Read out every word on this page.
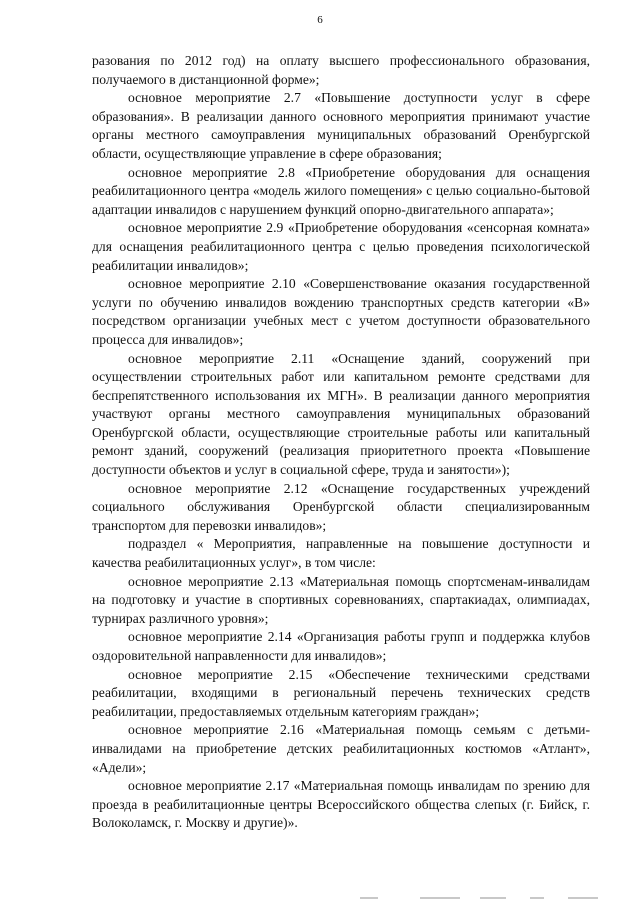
6

разования по 2012 год) на оплату высшего профессионального образования, получаемого в дистанционной форме»;

основное мероприятие 2.7 «Повышение доступности услуг в сфере образования». В реализации данного основного мероприятия принимают участие органы местного самоуправления муниципальных образований Оренбургской области, осуществляющие управление в сфере образования;

основное мероприятие 2.8 «Приобретение оборудования для оснащения реабилитационного центра «модель жилого помещения» с целью социально-бытовой адаптации инвалидов с нарушением функций опорно-двигательного аппарата»;

основное мероприятие 2.9 «Приобретение оборудования «сенсорная комната» для оснащения реабилитационного центра с целью проведения психологической реабилитации инвалидов»;

основное мероприятие 2.10 «Совершенствование оказания государственной услуги по обучению инвалидов вождению транспортных средств категории «В» посредством организации учебных мест с учетом доступности образовательного процесса для инвалидов»;

основное мероприятие 2.11 «Оснащение зданий, сооружений при осуществлении строительных работ или капитальном ремонте средствами для беспрепятственного использования их МГН». В реализации данного мероприятия участвуют органы местного самоуправления муниципальных образований Оренбургской области, осуществляющие строительные работы или капитальный ремонт зданий, сооружений (реализация приоритетного проекта «Повышение доступности объектов и услуг в социальной сфере, труда и занятости»);

основное мероприятие 2.12 «Оснащение государственных учреждений социального обслуживания Оренбургской области специализированным транспортом для перевозки инвалидов»;

подраздел « Мероприятия, направленные на повышение доступности и качества реабилитационных услуг», в том числе:

основное мероприятие 2.13 «Материальная помощь спортсменам-инвалидам на подготовку и участие в спортивных соревнованиях, спартакиадах, олимпиадах, турнирах различного уровня»;

основное мероприятие 2.14 «Организация работы групп и поддержка клубов оздоровительной направленности для инвалидов»;

основное мероприятие 2.15 «Обеспечение техническими средствами реабилитации, входящими в региональный перечень технических средств реабилитации, предоставляемых отдельным категориям граждан»;

основное мероприятие 2.16 «Материальная помощь семьям с детьми-инвалидами на приобретение детских реабилитационных костюмов «Атлант», «Адели»;

основное мероприятие 2.17 «Материальная помощь инвалидам по зрению для проезда в реабилитационные центры Всероссийского общества слепых (г. Бийск, г. Волоколамск, г. Москву и другие)».
